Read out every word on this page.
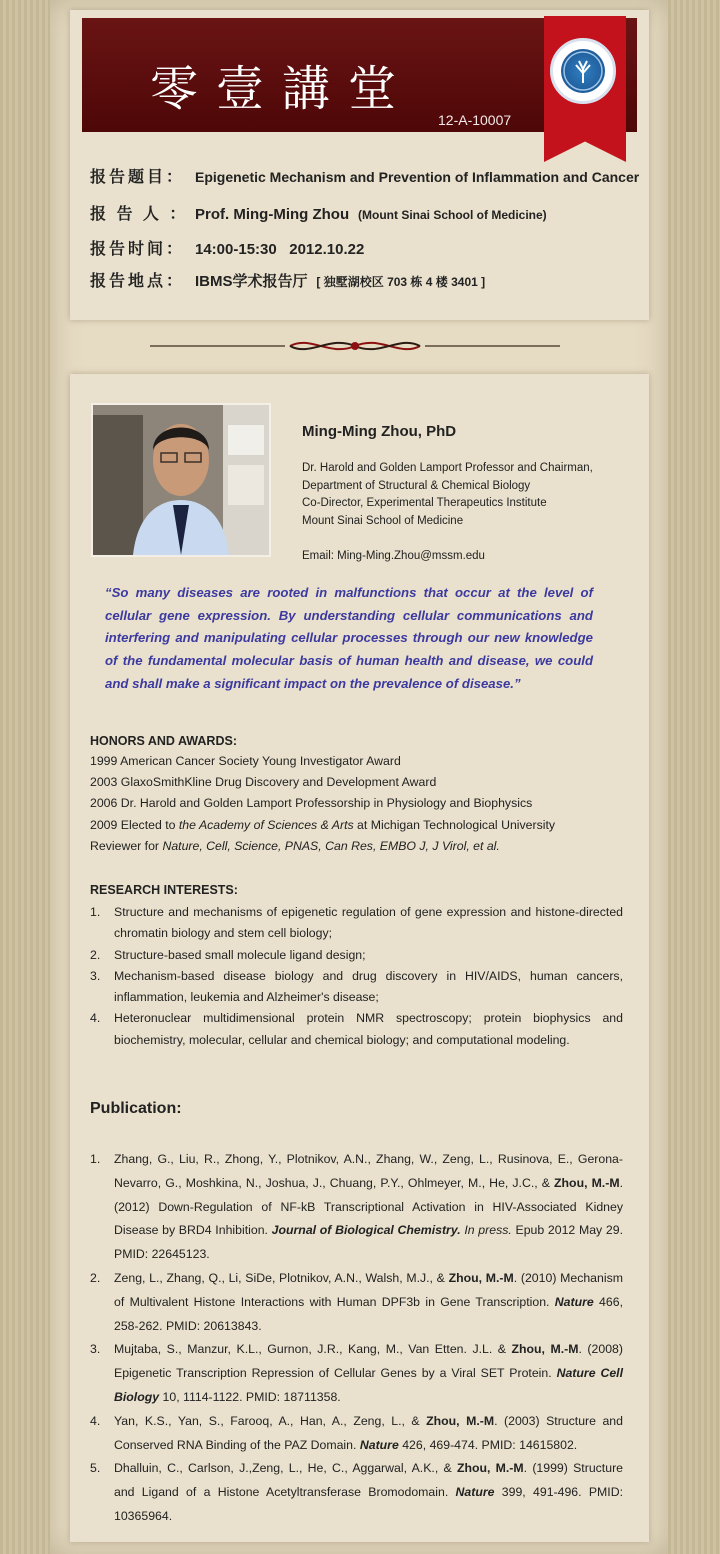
零壹講堂
12-A-10007
报告题目： Epigenetic Mechanism and Prevention of Inflammation and Cancer
报 告 人 ： Prof. Ming-Ming Zhou (Mount Sinai School of Medicine)
报告时间： 14:00-15:30   2012.10.22
报告地点： IBMS学术报告厅 [ 独墅湖校区 703 栋 4 楼 3401 ]
Ming-Ming Zhou, PhD
Dr. Harold and Golden Lamport Professor and Chairman,
Department of Structural & Chemical Biology
Co-Director, Experimental Therapeutics Institute
Mount Sinai School of Medicine
Email: Ming-Ming.Zhou@mssm.edu
“So many diseases are rooted in malfunctions that occur at the level of cellular gene expression. By understanding cellular communications and interfering and manipulating cellular processes through our new knowledge of the fundamental molecular basis of human health and disease, we could and shall make a significant impact on the prevalence of disease.”
HONORS AND AWARDS:
1999 American Cancer Society Young Investigator Award
2003 GlaxoSmithKline Drug Discovery and Development Award
2006 Dr. Harold and Golden Lamport Professorship in Physiology and Biophysics
2009 Elected to the Academy of Sciences & Arts at Michigan Technological University
Reviewer for Nature, Cell, Science, PNAS, Can Res, EMBO J, J Virol, et al.
RESEARCH INTERESTS:
1.	Structure and mechanisms of epigenetic regulation of gene expression and histone-directed chromatin biology and stem cell biology;
2.	Structure-based small molecule ligand design;
3.	Mechanism-based disease biology and drug discovery in HIV/AIDS, human cancers, inflammation, leukemia and Alzheimer's disease;
4.	Heteronuclear multidimensional protein NMR spectroscopy; protein biophysics and biochemistry, molecular, cellular and chemical biology; and computational modeling.
Publication:
1.	Zhang, G., Liu, R., Zhong, Y., Plotnikov, A.N., Zhang, W., Zeng, L., Rusinova, E., Gerona-Nevarro, G., Moshkina, N., Joshua, J., Chuang, P.Y., Ohlmeyer, M., He, J.C., & Zhou, M.-M. (2012) Down-Regulation of NF-kB Transcriptional Activation in HIV-Associated Kidney Disease by BRD4 Inhibition. Journal of Biological Chemistry. In press. Epub 2012 May 29. PMID: 22645123.
2.	Zeng, L., Zhang, Q., Li, SiDe, Plotnikov, A.N., Walsh, M.J., & Zhou, M.-M. (2010) Mechanism of Multivalent Histone Interactions with Human DPF3b in Gene Transcription. Nature 466, 258-262. PMID: 20613843.
3.	Mujtaba, S., Manzur, K.L., Gurnon, J.R., Kang, M., Van Etten. J.L. & Zhou, M.-M. (2008) Epigenetic Transcription Repression of Cellular Genes by a Viral SET Protein. Nature Cell Biology 10, 1114-1122. PMID: 18711358.
4.	Yan, K.S., Yan, S., Farooq, A., Han, A., Zeng, L., & Zhou, M.-M. (2003) Structure and Conserved RNA Binding of the PAZ Domain. Nature 426, 469-474. PMID: 14615802.
5.	Dhalluin, C., Carlson, J.,Zeng, L., He, C., Aggarwal, A.K., & Zhou, M.-M. (1999) Structure and Ligand of a Histone Acetyltransferase Bromodomain. Nature 399, 491-496. PMID: 10365964.
